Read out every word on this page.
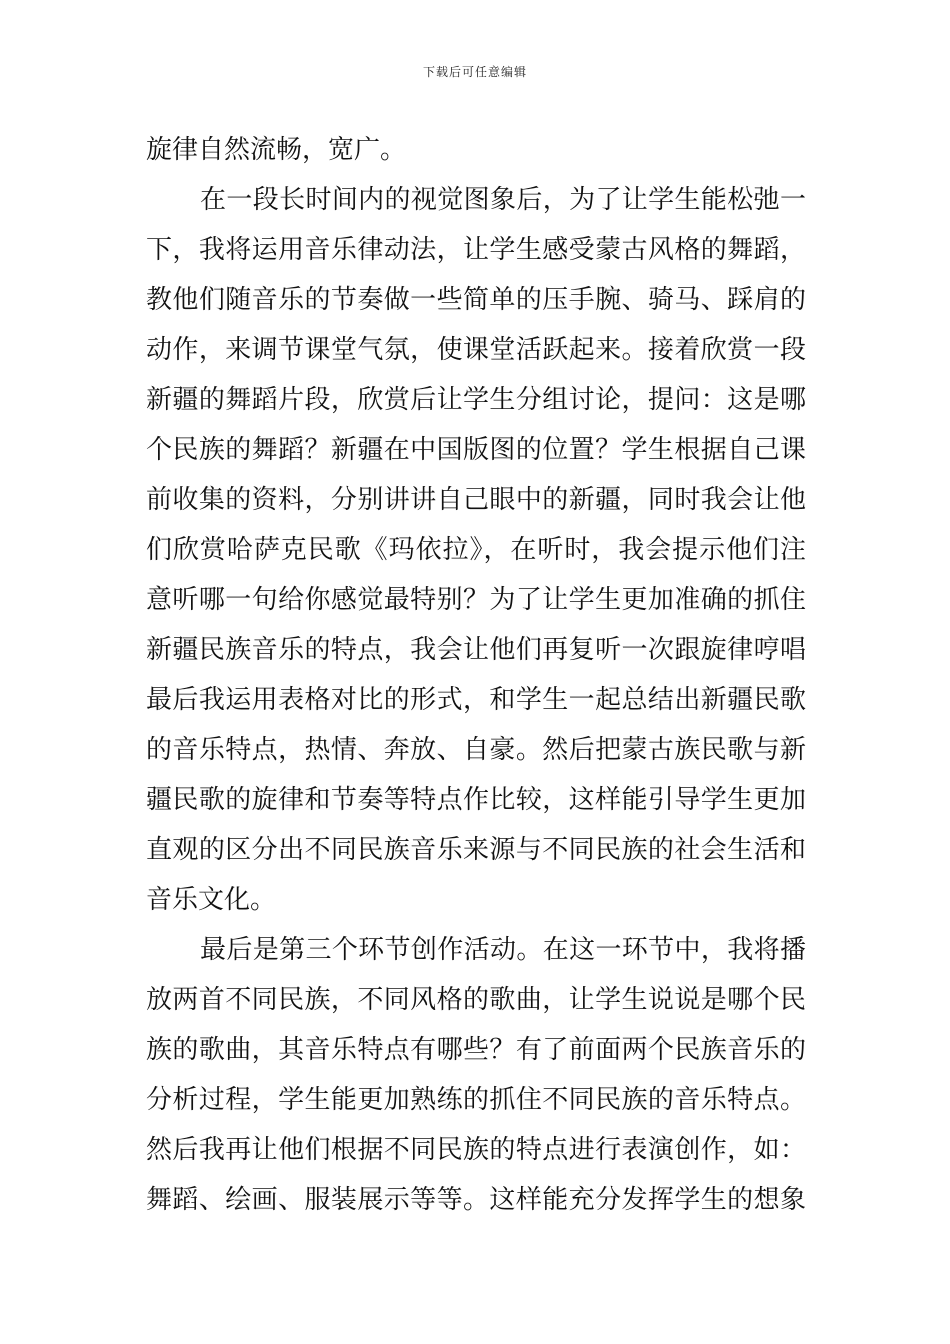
下载后可任意编辑
旋律自然流畅，宽广。
在一段长时间内的视觉图象后，为了让学生能松弛一
下，我将运用音乐律动法，让学生感受蒙古风格的舞蹈，
教他们随音乐的节奏做一些简单的压手腕、骑马、踩肩的
动作，来调节课堂气氛，使课堂活跃起来。接着欣赏一段
新疆的舞蹈片段，欣赏后让学生分组讨论，提问：这是哪
个民族的舞蹈？新疆在中国版图的位置？学生根据自己课
前收集的资料，分别讲讲自己眼中的新疆，同时我会让他
们欣赏哈萨克民歌《玛依拉》，在听时，我会提示他们注
意听哪一句给你感觉最特别？为了让学生更加准确的抓住
新疆民族音乐的特点，我会让他们再复听一次跟旋律哼唱
最后我运用表格对比的形式，和学生一起总结出新疆民歌
的音乐特点，热情、奔放、自豪。然后把蒙古族民歌与新
疆民歌的旋律和节奏等特点作比较，这样能引导学生更加
直观的区分出不同民族音乐来源与不同民族的社会生活和
音乐文化。
最后是第三个环节创作活动。在这一环节中，我将播
放两首不同民族，不同风格的歌曲，让学生说说是哪个民
族的歌曲，其音乐特点有哪些？有了前面两个民族音乐的
分析过程，学生能更加熟练的抓住不同民族的音乐特点。
然后我再让他们根据不同民族的特点进行表演创作，如：
舞蹈、绘画、服装展示等等。这样能充分发挥学生的想象
